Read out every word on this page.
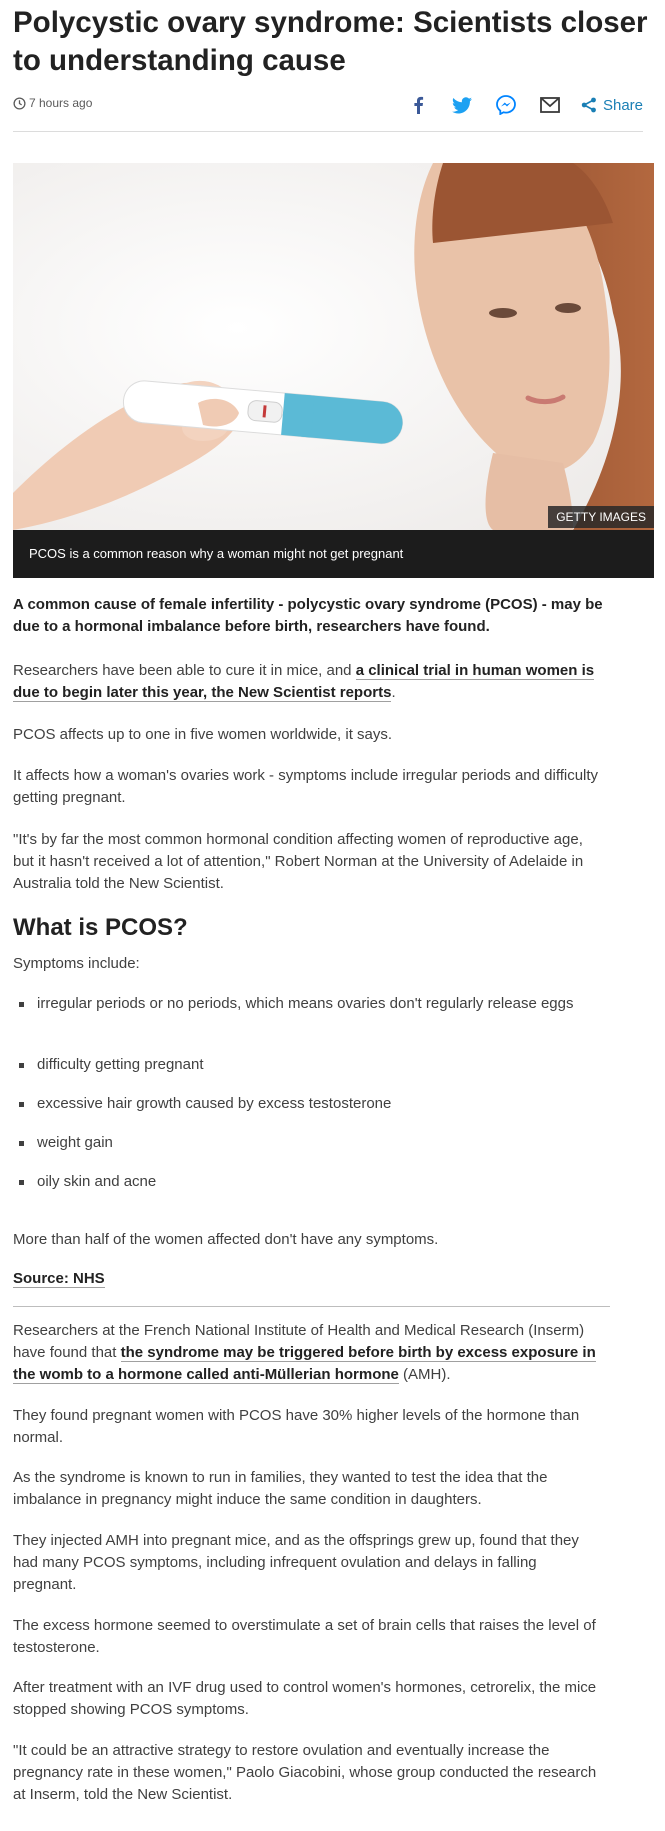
Polycystic ovary syndrome: Scientists closer to understanding cause
7 hours ago	Share
GETTY IMAGES
PCOS is a common reason why a woman might not get pregnant

A common cause of female infertility - polycystic ovary syndrome (PCOS) - may be due to a hormonal imbalance before birth, researchers have found.

Researchers have been able to cure it in mice, and a clinical trial in human women is due to begin later this year, the New Scientist reports.

PCOS affects up to one in five women worldwide, it says.

It affects how a woman's ovaries work - symptoms include irregular periods and difficulty getting pregnant.

"It's by far the most common hormonal condition affecting women of reproductive age, but it hasn't received a lot of attention," Robert Norman at the University of Adelaide in Australia told the New Scientist.

What is PCOS?

Symptoms include:

irregular periods or no periods, which means ovaries don't regularly release eggs
difficulty getting pregnant
excessive hair growth caused by excess testosterone
weight gain
oily skin and acne

More than half of the women affected don't have any symptoms.

Source: NHS

Researchers at the French National Institute of Health and Medical Research (Inserm) have found that the syndrome may be triggered before birth by excess exposure in the womb to a hormone called anti-Müllerian hormone (AMH).

They found pregnant women with PCOS have 30% higher levels of the hormone than normal.

As the syndrome is known to run in families, they wanted to test the idea that the imbalance in pregnancy might induce the same condition in daughters.

They injected AMH into pregnant mice, and as the offsprings grew up, found that they had many PCOS symptoms, including infrequent ovulation and delays in falling pregnant.

The excess hormone seemed to overstimulate a set of brain cells that raises the level of testosterone.

After treatment with an IVF drug used to control women's hormones, cetrorelix, the mice stopped showing PCOS symptoms.

"It could be an attractive strategy to restore ovulation and eventually increase the pregnancy rate in these women," Paolo Giacobini, whose group conducted the research at Inserm, told the New Scientist.
